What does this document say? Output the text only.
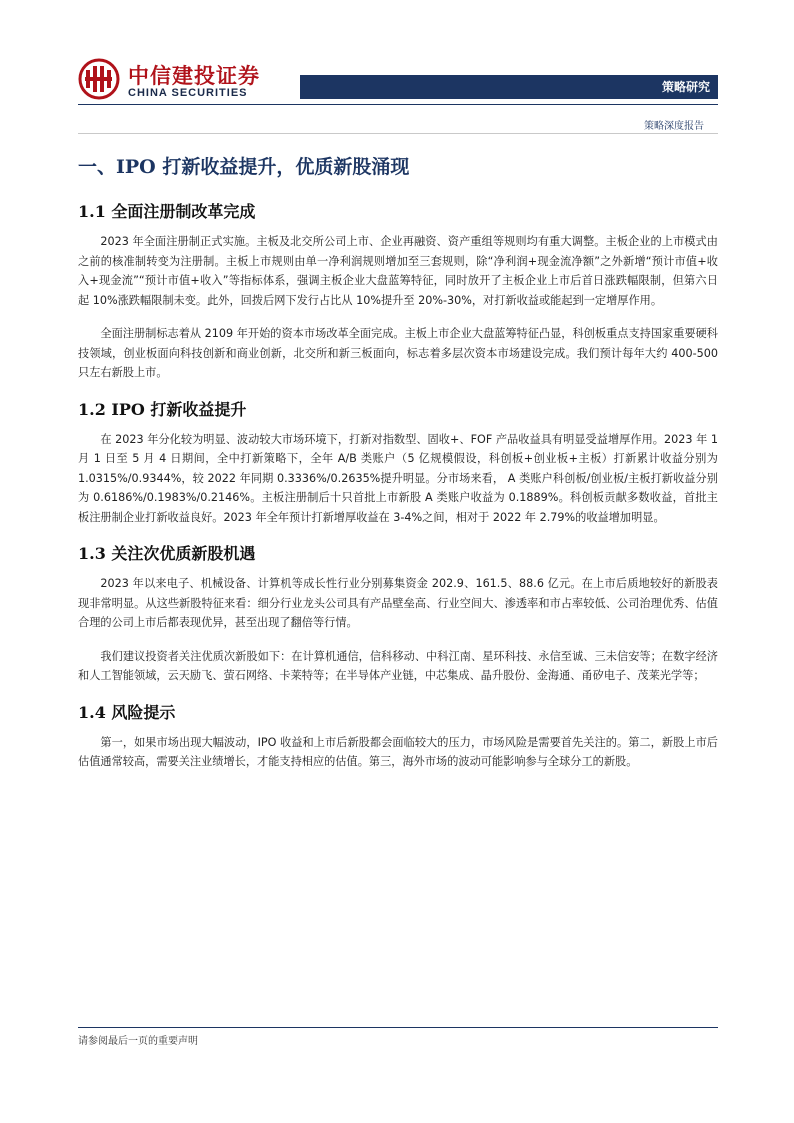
中信建投证券
CHINA SECURITIES	策略研究
策略深度报告
一、IPO 打新收益提升，优质新股涌现
1.1 全面注册制改革完成

2023 年全面注册制正式实施。主板及北交所公司上市、企业再融资、资产重组等规则均有重大调整。主板企业的上市模式由之前的核准制转变为注册制。主板上市规则由单一净利润规则增加至三套规则，除“净利润+现金流净额”之外新增“预计市值+收入+现金流”“预计市值+收入”等指标体系，强调主板企业大盘蓝筹特征，同时放开了主板企业上市后首日涨跌幅限制，但第六日起 10%涨跌幅限制未变。此外，回拨后网下发行占比从 10%提升至 20%-30%，对打新收益或能起到一定增厚作用。

全面注册制标志着从 2109 年开始的资本市场改革全面完成。主板上市企业大盘蓝筹特征凸显，科创板重点支持国家重要硬科技领域，创业板面向科技创新和商业创新，北交所和新三板面向，标志着多层次资本市场建设完成。我们预计每年大约 400-500 只左右新股上市。

1.2 IPO 打新收益提升

在 2023 年分化较为明显、波动较大市场环境下，打新对指数型、固收+、FOF 产品收益具有明显受益增厚作用。2023 年 1 月 1 日至 5 月 4 日期间，全中打新策略下，全年 A/B 类账户（5 亿规模假设，科创板+创业板+主板）打新累计收益分别为 1.0315%/0.9344%，较 2022 年同期 0.3336%/0.2635%提升明显。分市场来看， A 类账户科创板/创业板/主板打新收益分别为 0.6186%/0.1983%/0.2146%。主板注册制后十只首批上市新股 A 类账户收益为 0.1889%。科创板贡献多数收益，首批主板注册制企业打新收益良好。2023 年全年预计打新增厚收益在 3-4%之间，相对于 2022 年 2.79%的收益增加明显。

1.3 关注次优质新股机遇

2023 年以来电子、机械设备、计算机等成长性行业分别募集资金 202.9、161.5、88.6 亿元。在上市后质地较好的新股表现非常明显。从这些新股特征来看：细分行业龙头公司具有产品壁垒高、行业空间大、渗透率和市占率较低、公司治理优秀、估值合理的公司上市后都表现优异，甚至出现了翻倍等行情。

我们建议投资者关注优质次新股如下：在计算机通信，信科移动、中科江南、星环科技、永信至诚、三未信安等；在数字经济和人工智能领域，云天励飞、萤石网络、卡莱特等；在半导体产业链，中芯集成、晶升股份、金海通、甬矽电子、茂莱光学等；

1.4 风险提示

第一，如果市场出现大幅波动，IPO 收益和上市后新股都会面临较大的压力，市场风险是需要首先关注的。第二，新股上市后估值通常较高，需要关注业绩增长，才能支持相应的估值。第三，海外市场的波动可能影响参与全球分工的新股。

请参阅最后一页的重要声明
